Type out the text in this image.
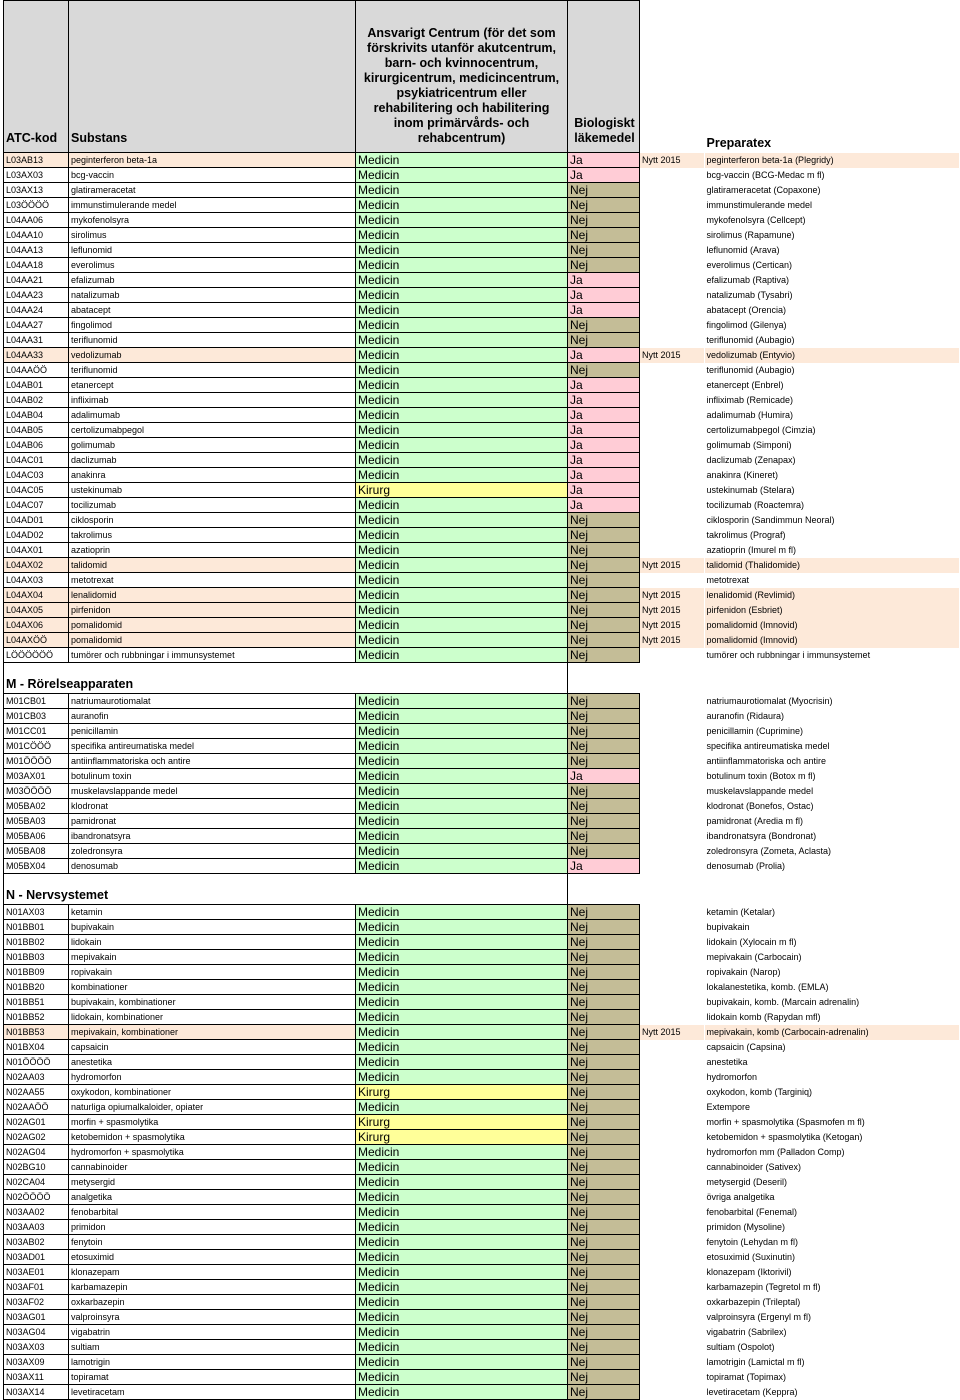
ATC-kod	Substans	Ansvarigt Centrum (för det som förskrivits utanför akutcentrum, barn- och kvinnocentrum, kirurgicentrum, medicincentrum, psykiatricentrum eller rehabilitering och habilitering inom primärvårds- och rehabcentrum)	Biologiskt läkemedel		Preparatex
L03AB13	peginterferon beta-1a	Medicin	Ja	Nytt 2015	peginterferon beta-1a (Plegridy)
L03AX03	bcg-vaccin	Medicin	Ja		bcg-vaccin (BCG-Medac m fl)
L03AX13	glatirameracetat	Medicin	Nej		glatirameracetat (Copaxone)
L03ÖÖÖÖ	immunstimulerande medel	Medicin	Nej		immunstimulerande medel
L04AA06	mykofenolsyra	Medicin	Nej		mykofenolsyra (Cellcept)
L04AA10	sirolimus	Medicin	Nej		sirolimus (Rapamune)
L04AA13	leflunomid	Medicin	Nej		leflunomid (Arava)
L04AA18	everolimus	Medicin	Nej		everolimus (Certican)
L04AA21	efalizumab	Medicin	Ja		efalizumab (Raptiva)
L04AA23	natalizumab	Medicin	Ja		natalizumab (Tysabri)
L04AA24	abatacept	Medicin	Ja		abatacept (Orencia)
L04AA27	fingolimod	Medicin	Nej		fingolimod (Gilenya)
L04AA31	teriflunomid	Medicin	Nej		teriflunomid (Aubagio)
L04AA33	vedolizumab	Medicin	Ja	Nytt 2015	vedolizumab (Entyvio)
L04AAÖÖ	teriflunomid	Medicin	Nej		teriflunomid (Aubagio)
L04AB01	etanercept	Medicin	Ja		etanercept (Enbrel)
L04AB02	infliximab	Medicin	Ja		infliximab (Remicade)
L04AB04	adalimumab	Medicin	Ja		adalimumab (Humira)
L04AB05	certolizumabpegol	Medicin	Ja		certolizumabpegol (Cimzia)
L04AB06	golimumab	Medicin	Ja		golimumab (Simponi)
L04AC01	daclizumab	Medicin	Ja		daclizumab (Zenapax)
L04AC03	anakinra	Medicin	Ja		anakinra (Kineret)
L04AC05	ustekinumab	Kirurg	Ja		ustekinumab (Stelara)
L04AC07	tocilizumab	Medicin	Ja		tocilizumab (Roactemra)
L04AD01	ciklosporin	Medicin	Nej		ciklosporin (Sandimmun Neoral)
L04AD02	takrolimus	Medicin	Nej		takrolimus (Prograf)
L04AX01	azatioprin	Medicin	Nej		azatioprin (Imurel m fl)
L04AX02	talidomid	Medicin	Nej	Nytt 2015	talidomid (Thalidomide)
L04AX03	metotrexat	Medicin	Nej		metotrexat
L04AX04	lenalidomid	Medicin	Nej	Nytt 2015	lenalidomid (Revlimid)
L04AX05	pirfenidon	Medicin	Nej	Nytt 2015	pirfenidon (Esbriet)
L04AX06	pomalidomid	Medicin	Nej	Nytt 2015	pomalidomid (Imnovid)
L04AXÖÖ	pomalidomid	Medicin	Nej	Nytt 2015	pomalidomid (Imnovid)
LÖÖÖÖÖÖ	tumörer och rubbningar i immunsystemet	Medicin	Nej		tumörer och rubbningar i immunsystemet
M - Rörelseapparaten					
M01CB01	natriumaurotiomalat	Medicin	Nej		natriumaurotiomalat (Myocrisin)
M01CB03	auranofin	Medicin	Nej		auranofin (Ridaura)
M01CC01	penicillamin	Medicin	Nej		penicillamin (Cuprimine)
M01CÖÖÖ	specifika antireumatiska medel	Medicin	Nej		specifika antireumatiska medel
M01ÖÖÖÖ	antiinflammatoriska och antire	Medicin	Nej		antiinflammatoriska och antire
M03AX01	botulinum toxin	Medicin	Ja		botulinum toxin (Botox m fl)
M03ÖÖÖÖ	muskelavslappande medel	Medicin	Nej		muskelavslappande medel
M05BA02	klodronat	Medicin	Nej		klodronat (Bonefos, Ostac)
M05BA03	pamidronat	Medicin	Nej		pamidronat (Aredia m fl)
M05BA06	ibandronatsyra	Medicin	Nej		ibandronatsyra (Bondronat)
M05BA08	zoledronsyra	Medicin	Nej		zoledronsyra (Zometa, Aclasta)
M05BX04	denosumab	Medicin	Ja		denosumab (Prolia)
N - Nervsystemet					
N01AX03	ketamin	Medicin	Nej		ketamin (Ketalar)
N01BB01	bupivakain	Medicin	Nej		bupivakain
N01BB02	lidokain	Medicin	Nej		lidokain (Xylocain m fl)
N01BB03	mepivakain	Medicin	Nej		mepivakain (Carbocain)
N01BB09	ropivakain	Medicin	Nej		ropivakain (Narop)
N01BB20	kombinationer	Medicin	Nej		lokalanestetika, komb. (EMLA)
N01BB51	bupivakain, kombinationer	Medicin	Nej		bupivakain, komb. (Marcain adrenalin)
N01BB52	lidokain, kombinationer	Medicin	Nej		lidokain komb (Rapydan mfl)
N01BB53	mepivakain, kombinationer	Medicin	Nej	Nytt 2015	mepivakain, komb (Carbocain-adrenalin)
N01BX04	capsaicin	Medicin	Nej		capsaicin (Capsina)
N01ÖÖÖÖ	anestetika	Medicin	Nej		anestetika
N02AA03	hydromorfon	Medicin	Nej		hydromorfon
N02AA55	oxykodon, kombinationer	Kirurg	Nej		oxykodon, komb (Targiniq)
N02AAÖÖ	naturliga opiumalkaloider, opiater	Medicin	Nej		Extempore
N02AG01	morfin + spasmolytika	Kirurg	Nej		morfin + spasmolytika (Spasmofen m fl)
N02AG02	ketobemidon + spasmolytika	Kirurg	Nej		ketobemidon + spasmolytika (Ketogan)
N02AG04	hydromorfon + spasmolytika	Medicin	Nej		hydromorfon mm (Palladon Comp)
N02BG10	cannabinoider	Medicin	Nej		cannabinoider (Sativex)
N02CA04	metysergid	Medicin	Nej		metysergid (Deseril)
N02ÖÖÖÖ	analgetika	Medicin	Nej		övriga analgetika
N03AA02	fenobarbital	Medicin	Nej		fenobarbital (Fenemal)
N03AA03	primidon	Medicin	Nej		primidon (Mysoline)
N03AB02	fenytoin	Medicin	Nej		fenytoin (Lehydan m fl)
N03AD01	etosuximid	Medicin	Nej		etosuximid (Suxinutin)
N03AE01	klonazepam	Medicin	Nej		klonazepam (Iktorivil)
N03AF01	karbamazepin	Medicin	Nej		karbamazepin (Tegretol m fl)
N03AF02	oxkarbazepin	Medicin	Nej		oxkarbazepin (Trileptal)
N03AG01	valproinsyra	Medicin	Nej		valproinsyra (Ergenyl m fl)
N03AG04	vigabatrin	Medicin	Nej		vigabatrin (Sabrilex)
N03AX03	sultiam	Medicin	Nej		sultiam (Ospolot)
N03AX09	lamotrigin	Medicin	Nej		lamotrigin (Lamictal m fl)
N03AX11	topiramat	Medicin	Nej		topiramat (Topimax)
N03AX14	levetiracetam	Medicin	Nej		levetiracetam (Keppra)
